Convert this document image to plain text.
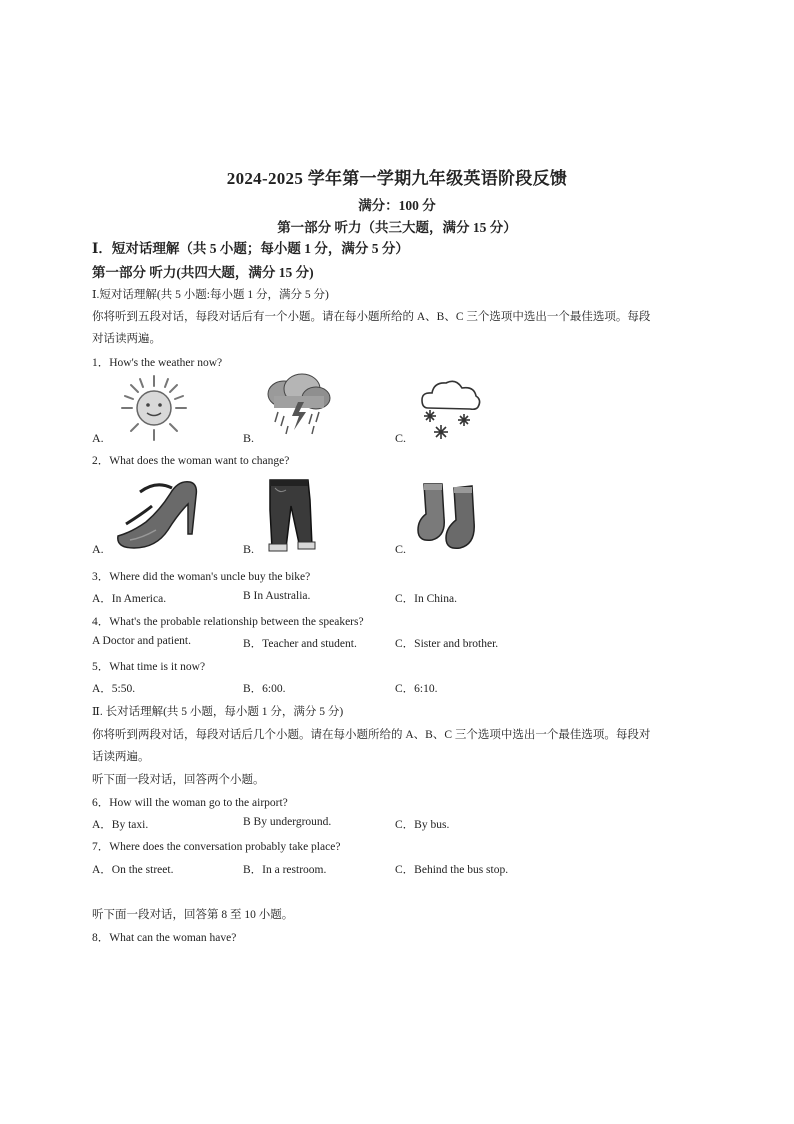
2024-2025 学年第一学期九年级英语阶段反馈
满分：100 分
第一部分 听力（共三大题，满分 15 分）
Ⅰ．短对话理解（共 5 小题；每小题 1 分，满分 5 分）
第一部分 听力(共四大题，满分 15 分)
Ⅰ.短对话理解(共 5 小题:每小题 1 分，满分 5 分)
你将听到五段对话，每段对话后有一个小题。请在每小题所给的 A、B、C 三个选项中选出一个最佳选项。每段
对话读两遍。
1．How's the weather now?
A.	B.	C.
2．What does the woman want to change?
A.	B.	C.
3．Where did the woman's uncle buy the bike?
A．In America.	B In Australia.	C．In China.
4．What's the probable relationship between the speakers?
A Doctor and patient.	B．Teacher and student.	C．Sister and brother.
5．What time is it now?
A．5:50.	B．6:00.	C．6:10.
Ⅱ. 长对话理解(共 5 小题，每小题 1 分，满分 5 分)
你将听到两段对话，每段对话后几个小题。请在每小题所给的 A、B、C 三个选项中选出一个最佳选项。每段对
话读两遍。
听下面一段对话，回答两个小题。
6．How will the woman go to the airport?
A．By taxi.	B By underground.	C．By bus.
7．Where does the conversation probably take place?
A．On the street.	B．In a restroom.	C．Behind the bus stop.
听下面一段对话，回答第 8 至 10 小题。
8．What can the woman have?
